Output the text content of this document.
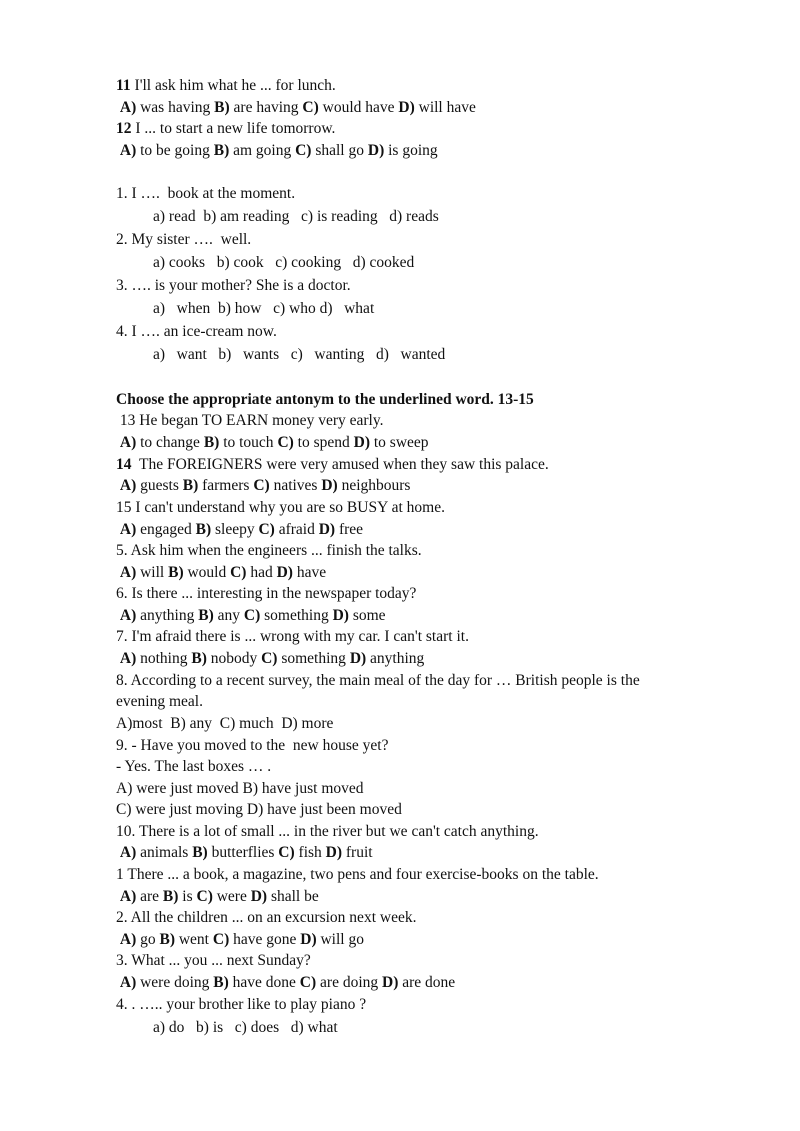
11 I'll ask him what he ... for lunch.
A) was having B) are having C) would have D) will have
12 I ... to start a new life tomorrow.
A) to be going B) am going C) shall go D) is going
1. I ….  book at the moment.
a) read  b) am reading   c) is reading   d) reads
2. My sister ….  well.
a) cooks   b) cook   c) cooking   d) cooked
3. …. is your mother? She is a doctor.
a)   when  b) how   c) who d)   what
4. I …. an ice-cream now.
a)   want   b)   wants   c)   wanting   d)   wanted
Choose the appropriate antonym to the underlined word. 13-15
13 He began TO EARN money very early.
A) to change B) to touch C) to spend D) to sweep
14  The FOREIGNERS were very amused when they saw this palace.
A) guests B) farmers C) natives D) neighbours
15 I can't understand why you are so BUSY at home.
A) engaged B) sleepy C) afraid D) free
5. Ask him when the engineers ... finish the talks.
A) will B) would C) had D) have
6. Is there ... interesting in the newspaper today?
A) anything B) any C) something D) some
7. I'm afraid there is ... wrong with my car. I can't start it.
A) nothing B) nobody C) something D) anything
8. According to a recent survey, the main meal of the day for … British people is the
evening meal.
A)most  B) any  C) much  D) more
9. - Have you moved to the  new house yet?
- Yes. The last boxes … .
A) were just moved B) have just moved
C) were just moving D) have just been moved
10. There is a lot of small ... in the river but we can't catch anything.
A) animals B) butterflies C) fish D) fruit
1 There ... a book, a magazine, two pens and four exercise-books on the table.
A) are B) is C) were D) shall be
2. All the children ... on an excursion next week.
A) go B) went C) have gone D) will go
3. What ... you ... next Sunday?
A) were doing B) have done C) are doing D) are done
4. . ….. your brother like to play piano ?
a) do   b) is   c) does   d) what
